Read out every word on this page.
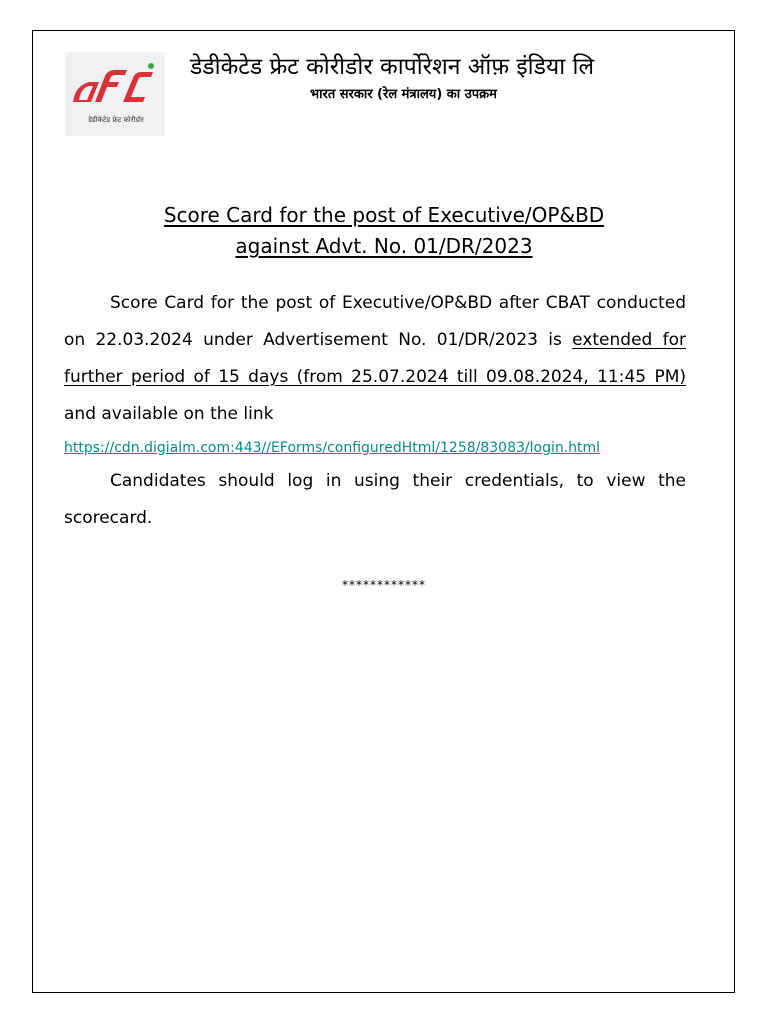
डेडीकेटेड फ्रेट कोरीडोर
डेडीकेटेड फ्रेट कोरीडोर कार्पोरेशन ऑफ़ इंडिया लि
भारत सरकार (रेल मंत्रालय) का उपक्रम
Score Card for the post of Executive/OP&BD
against Advt. No. 01/DR/2023

Score Card for the post of Executive/OP&BD after CBAT conducted on 22.03.2024 under Advertisement No. 01/DR/2023 is extended for further period of 15 days (from 25.07.2024 till 09.08.2024, 11:45 PM) and available on the link
https://cdn.digialm.com:443//EForms/configuredHtml/1258/83083/login.html

Candidates should log in using their credentials, to view the scorecard.

************
